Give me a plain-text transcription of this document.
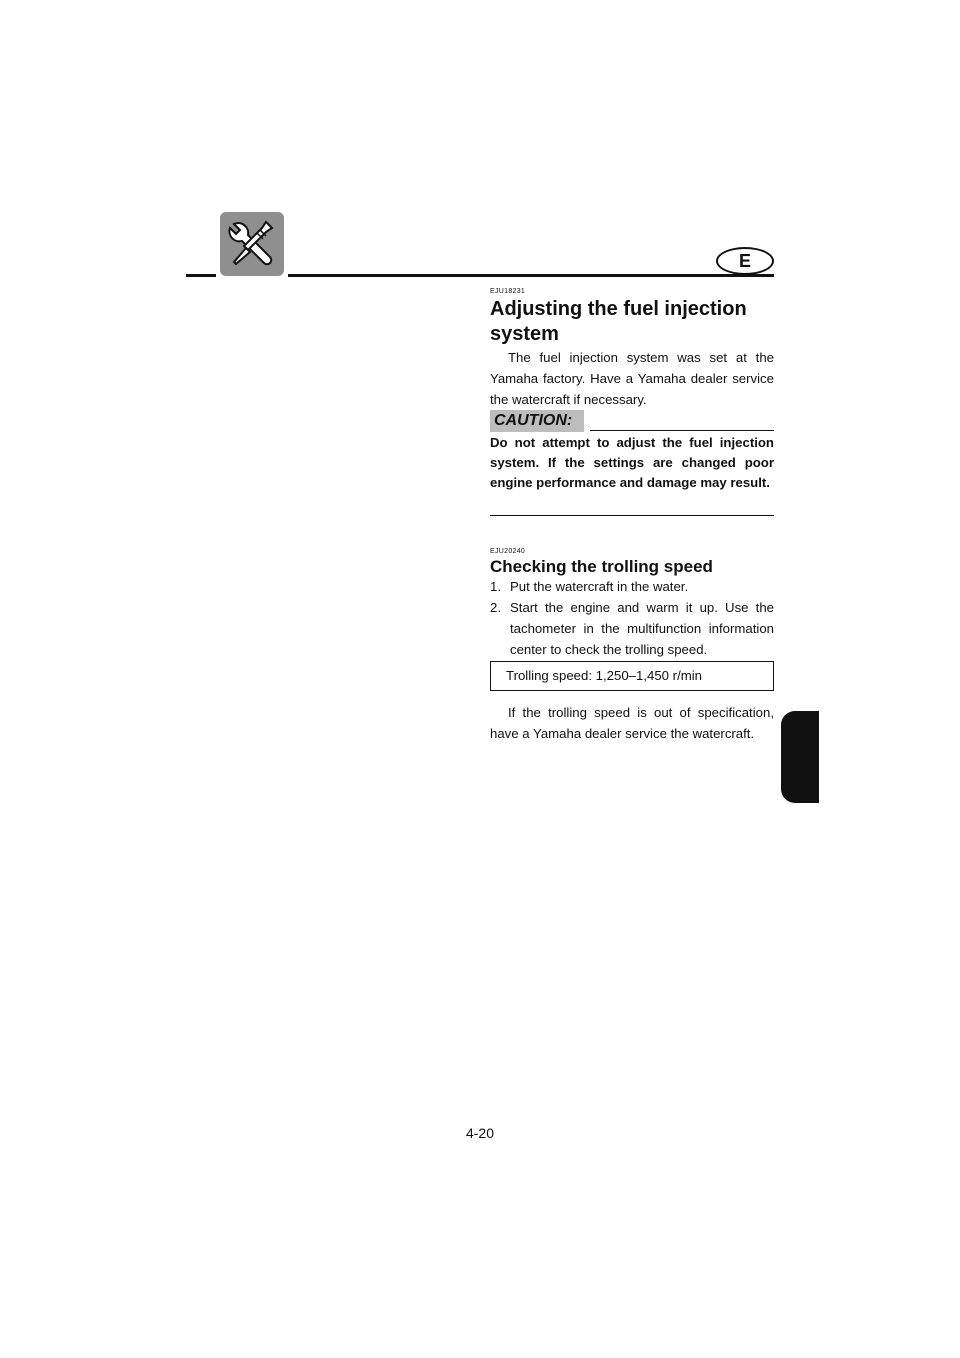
E
EJU18231
Adjusting the fuel injection
system

The fuel injection system was set at the Yamaha factory. Have a Yamaha dealer service the watercraft if necessary.

CAUTION:

Do not attempt to adjust the fuel injection system. If the settings are changed poor engine performance and damage may result.

EJU20240
Checking the trolling speed
1. Put the watercraft in the water.
2. Start the engine and warm it up. Use the tachometer in the multifunction information center to check the trolling speed.
Trolling speed: 1,250–1,450 r/min

If the trolling speed is out of specification, have a Yamaha dealer service the watercraft.

4-20
